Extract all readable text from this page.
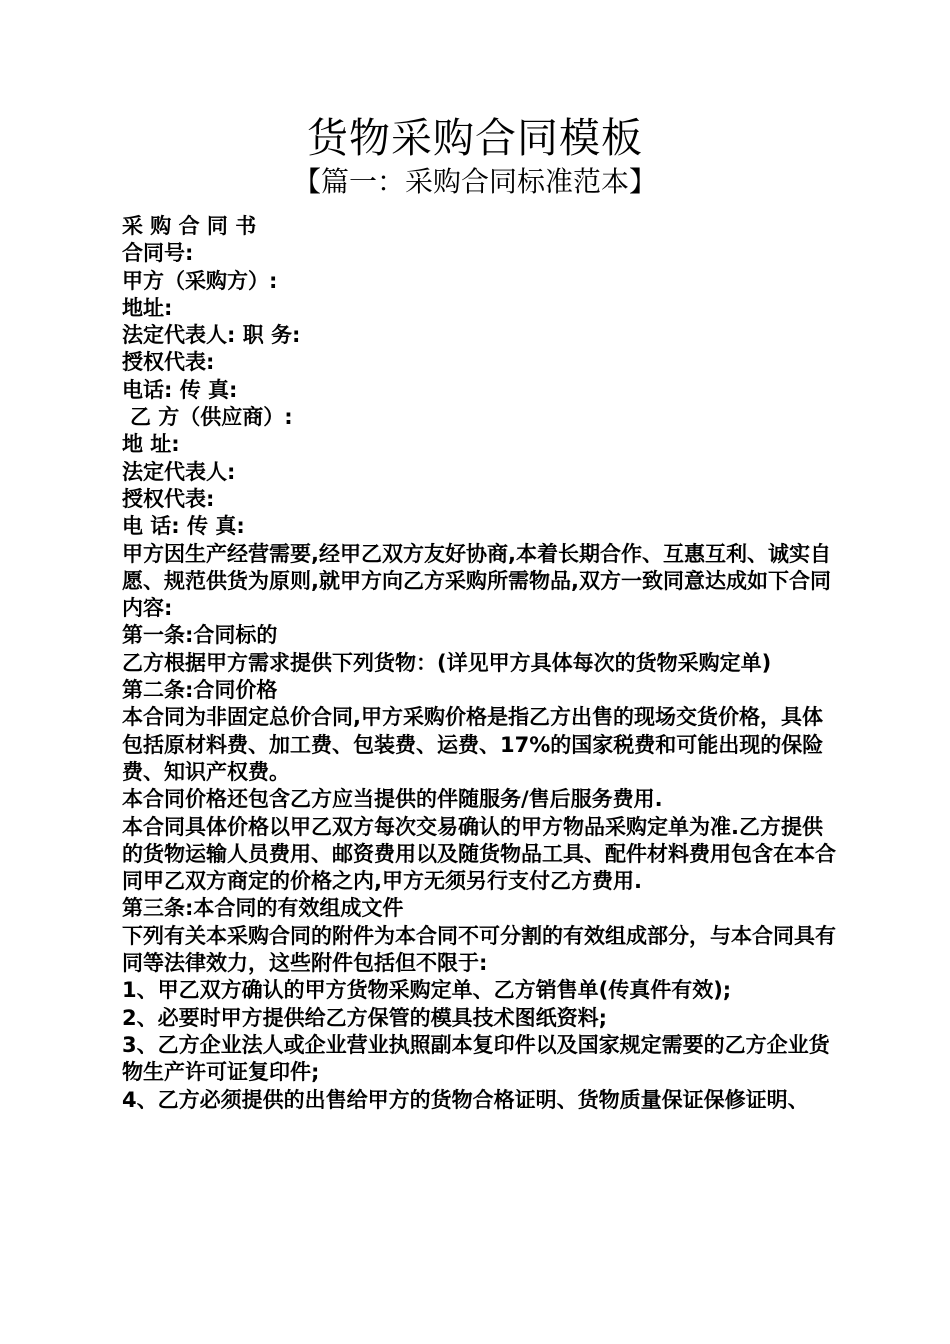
货物采购合同模板
【篇一：采购合同标准范本】

采 购 合 同 书

合同号:

甲方（采购方）:

地址:

法定代表人: 职 务:

授权代表:

电话: 传 真:

乙 方（供应商）:

地 址:

法定代表人:

授权代表:

电 话: 传 真:

甲方因生产经营需要,经甲乙双方友好协商,本着长期合作、互惠互利、诚实自愿、规范供货为原则,就甲方向乙方采购所需物品,双方一致同意达成如下合同内容:

第一条:合同标的

乙方根据甲方需求提供下列货物：(详见甲方具体每次的货物采购定单)

第二条:合同价格

本合同为非固定总价合同,甲方采购价格是指乙方出售的现场交货价格，具体包括原材料费、加工费、包装费、运费、17%的国家税费和可能出现的保险费、知识产权费。

本合同价格还包含乙方应当提供的伴随服务/售后服务费用.

本合同具体价格以甲乙双方每次交易确认的甲方物品采购定单为准.乙方提供的货物运输人员费用、邮资费用以及随货物品工具、配件材料费用包含在本合同甲乙双方商定的价格之内,甲方无须另行支付乙方费用.

第三条:本合同的有效组成文件

下列有关本采购合同的附件为本合同不可分割的有效组成部分，与本合同具有同等法律效力，这些附件包括但不限于:

1、甲乙双方确认的甲方货物采购定单、乙方销售单(传真件有效);

2、必要时甲方提供给乙方保管的模具技术图纸资料;

3、乙方企业法人或企业营业执照副本复印件以及国家规定需要的乙方企业货物生产许可证复印件;

4、乙方必须提供的出售给甲方的货物合格证明、货物质量保证保修证明、
